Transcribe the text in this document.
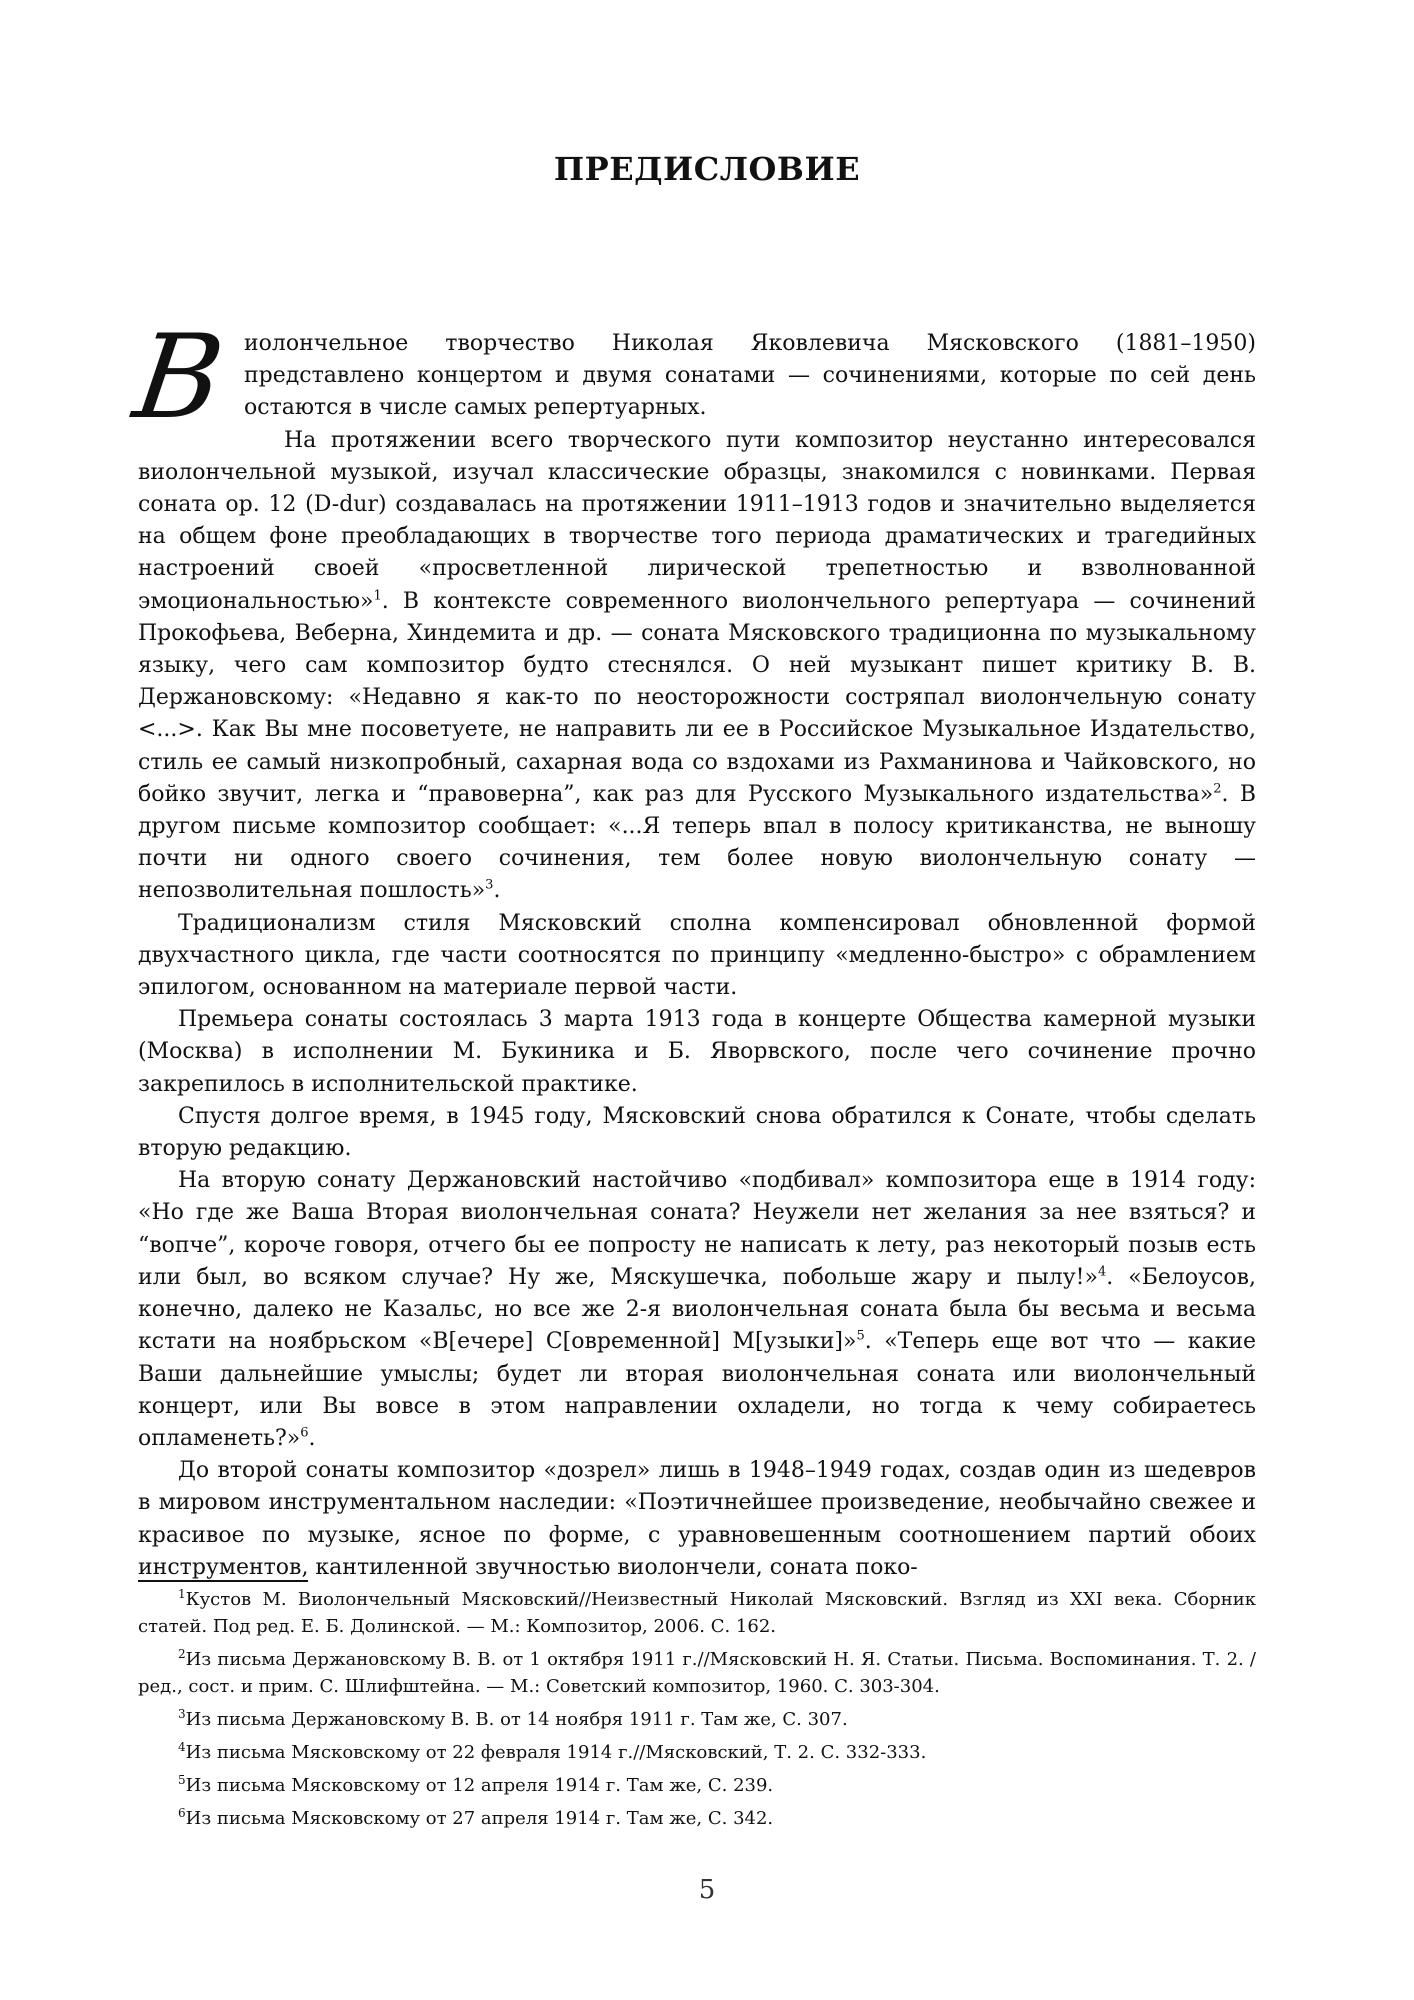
ПРЕДИСЛОВИЕ

Виолончельное творчество Николая Яковлевича Мясковского (1881–1950) представлено концертом и двумя сонатами — сочинениями, которые по сей день остаются в числе самых репертуарных.

На протяжении всего творческого пути композитор неустанно интересовался виолончельной музыкой, изучал классические образцы, знакомился с новинками. Первая соната ор. 12 (D-dur) создавалась на протяжении 1911–1913 годов и значительно выделяется на общем фоне преобладающих в творчестве того периода драматических и трагедийных настроений своей «просветленной лирической трепетностью и взволнованной эмоциональностью»$^1$. В контексте современного виолончельного репертуара — сочинений Прокофьева, Веберна, Хиндемита и др. — соната Мясковского традиционна по музыкальному языку, чего сам композитор будто стеснялся. О ней музыкант пишет критику В. В. Держановскому: «Недавно я как-то по неосторожности состряпал виолончельную сонату <...>. Как Вы мне посоветуете, не направить ли ее в Российское Музыкальное Издательство, стиль ее самый низкопробный, сахарная вода со вздохами из Рахманинова и Чайковского, но бойко звучит, легка и “правоверна”, как раз для Русского Музыкального издательства»$^2$. В другом письме композитор сообщает: «...Я теперь впал в полосу критиканства, не выношу почти ни одного своего сочинения, тем более новую виолончельную сонату — непозволительная пошлость»$^3$.

Традиционализм стиля Мясковский сполна компенсировал обновленной формой двухчастного цикла, где части соотносятся по принципу «медленно-быстро» с обрамлением эпилогом, основанном на материале первой части.

Премьера сонаты состоялась 3 марта 1913 года в концерте Общества камерной музыки (Москва) в исполнении М. Букиника и Б. Яворвского, после чего сочинение прочно закрепилось в исполнительской практике.

Спустя долгое время, в 1945 году, Мясковский снова обратился к Сонате, чтобы сделать вторую редакцию.

На вторую сонату Держановский настойчиво «подбивал» композитора еще в 1914 году: «Но где же Ваша Вторая виолончельная соната? Неужели нет желания за нее взяться? и “вопче”, короче говоря, отчего бы ее попросту не написать к лету, раз некоторый позыв есть или был, во всяком случае? Ну же, Мяскушечка, побольше жару и пылу!»$^4$. «Белоусов, конечно, далеко не Казальс, но все же 2-я виолончельная соната была бы весьма и весьма кстати на ноябрьском «В[ечере] С[овременной] М[узыки]»$^5$. «Теперь еще вот что — какие Ваши дальнейшие умыслы; будет ли вторая виолончельная соната или виолончельный концерт, или Вы вовсе в этом направлении охладели, но тогда к чему собираетесь опламенеть?»$^6$.

До второй сонаты композитор «дозрел» лишь в 1948–1949 годах, создав один из шедевров в мировом инструментальном наследии: «Поэтичнейшее произведение, необычайно свежее и красивое по музыке, ясное по форме, с уравновешенным соотношением партий обоих инструментов, кантиленной звучностью виолончели, соната поко-

$^1$Кустов М. Виолончельный Мясковский//Неизвестный Николай Мясковский. Взгляд из XXI века. Сборник статей. Под ред. Е. Б. Долинской. — М.: Композитор, 2006. С. 162.

$^2$Из письма Держановскому В. В. от 1 октября 1911 г.//Мясковский Н. Я. Статьи. Письма. Воспоминания. Т. 2. /ред., сост. и прим. С. Шлифштейна. — М.: Советский композитор, 1960. С. 303-304.

$^3$Из письма Держановскому В. В. от 14 ноября 1911 г. Там же, С. 307.

$^4$Из письма Мясковскому от 22 февраля 1914 г.//Мясковский, Т. 2. С. 332-333.

$^5$Из письма Мясковскому от 12 апреля 1914 г. Там же, С. 239.

$^6$Из письма Мясковскому от 27 апреля 1914 г. Там же, С. 342.

5
